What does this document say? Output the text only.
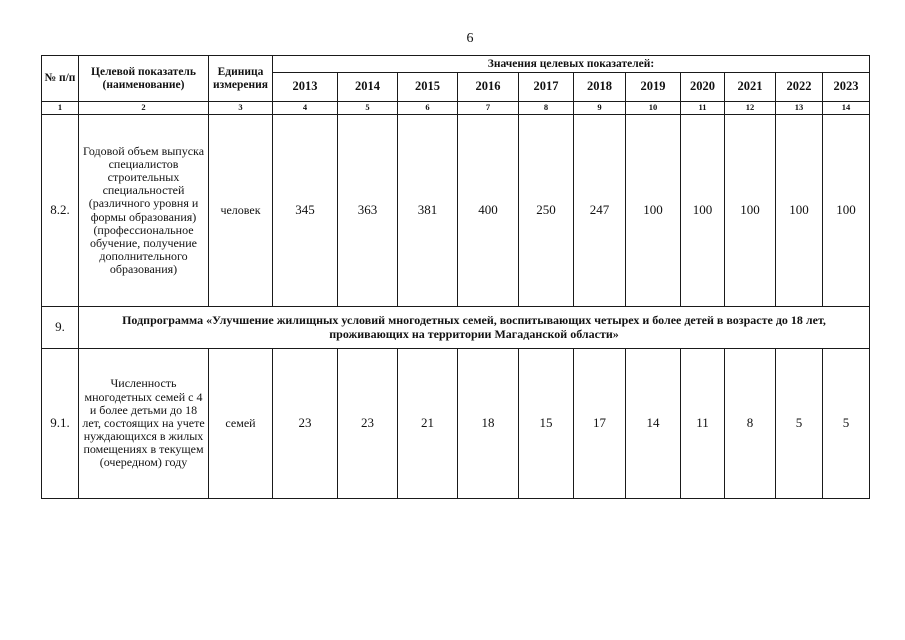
6
№ п/п	Целевой показатель (наименование)	Единица измерения	Значения целевых показателей:										
			2013	2014	2015	2016	2017	2018	2019	2020	2021	2022	2023
1	2	3	4	5	6	7	8	9	10	11	12	13	14
8.2.	Годовой объем выпуска специалистов строительных специальностей (различного уровня и формы образования) (профессиональное обучение, получение дополнительного образования)	человек	345	363	381	400	250	247	100	100	100	100	100
9.	Подпрограмма «Улучшение жилищных условий многодетных семей, воспитывающих четырех и более детей в возрасте до 18 лет, проживающих на территории Магаданской области»												
9.1.	Численность многодетных семей с 4 и более детьми до 18 лет, состоящих на учете нуждающихся в жилых помещениях в текущем (очередном) году	семей	23	23	21	18	15	17	14	11	8	5	5
